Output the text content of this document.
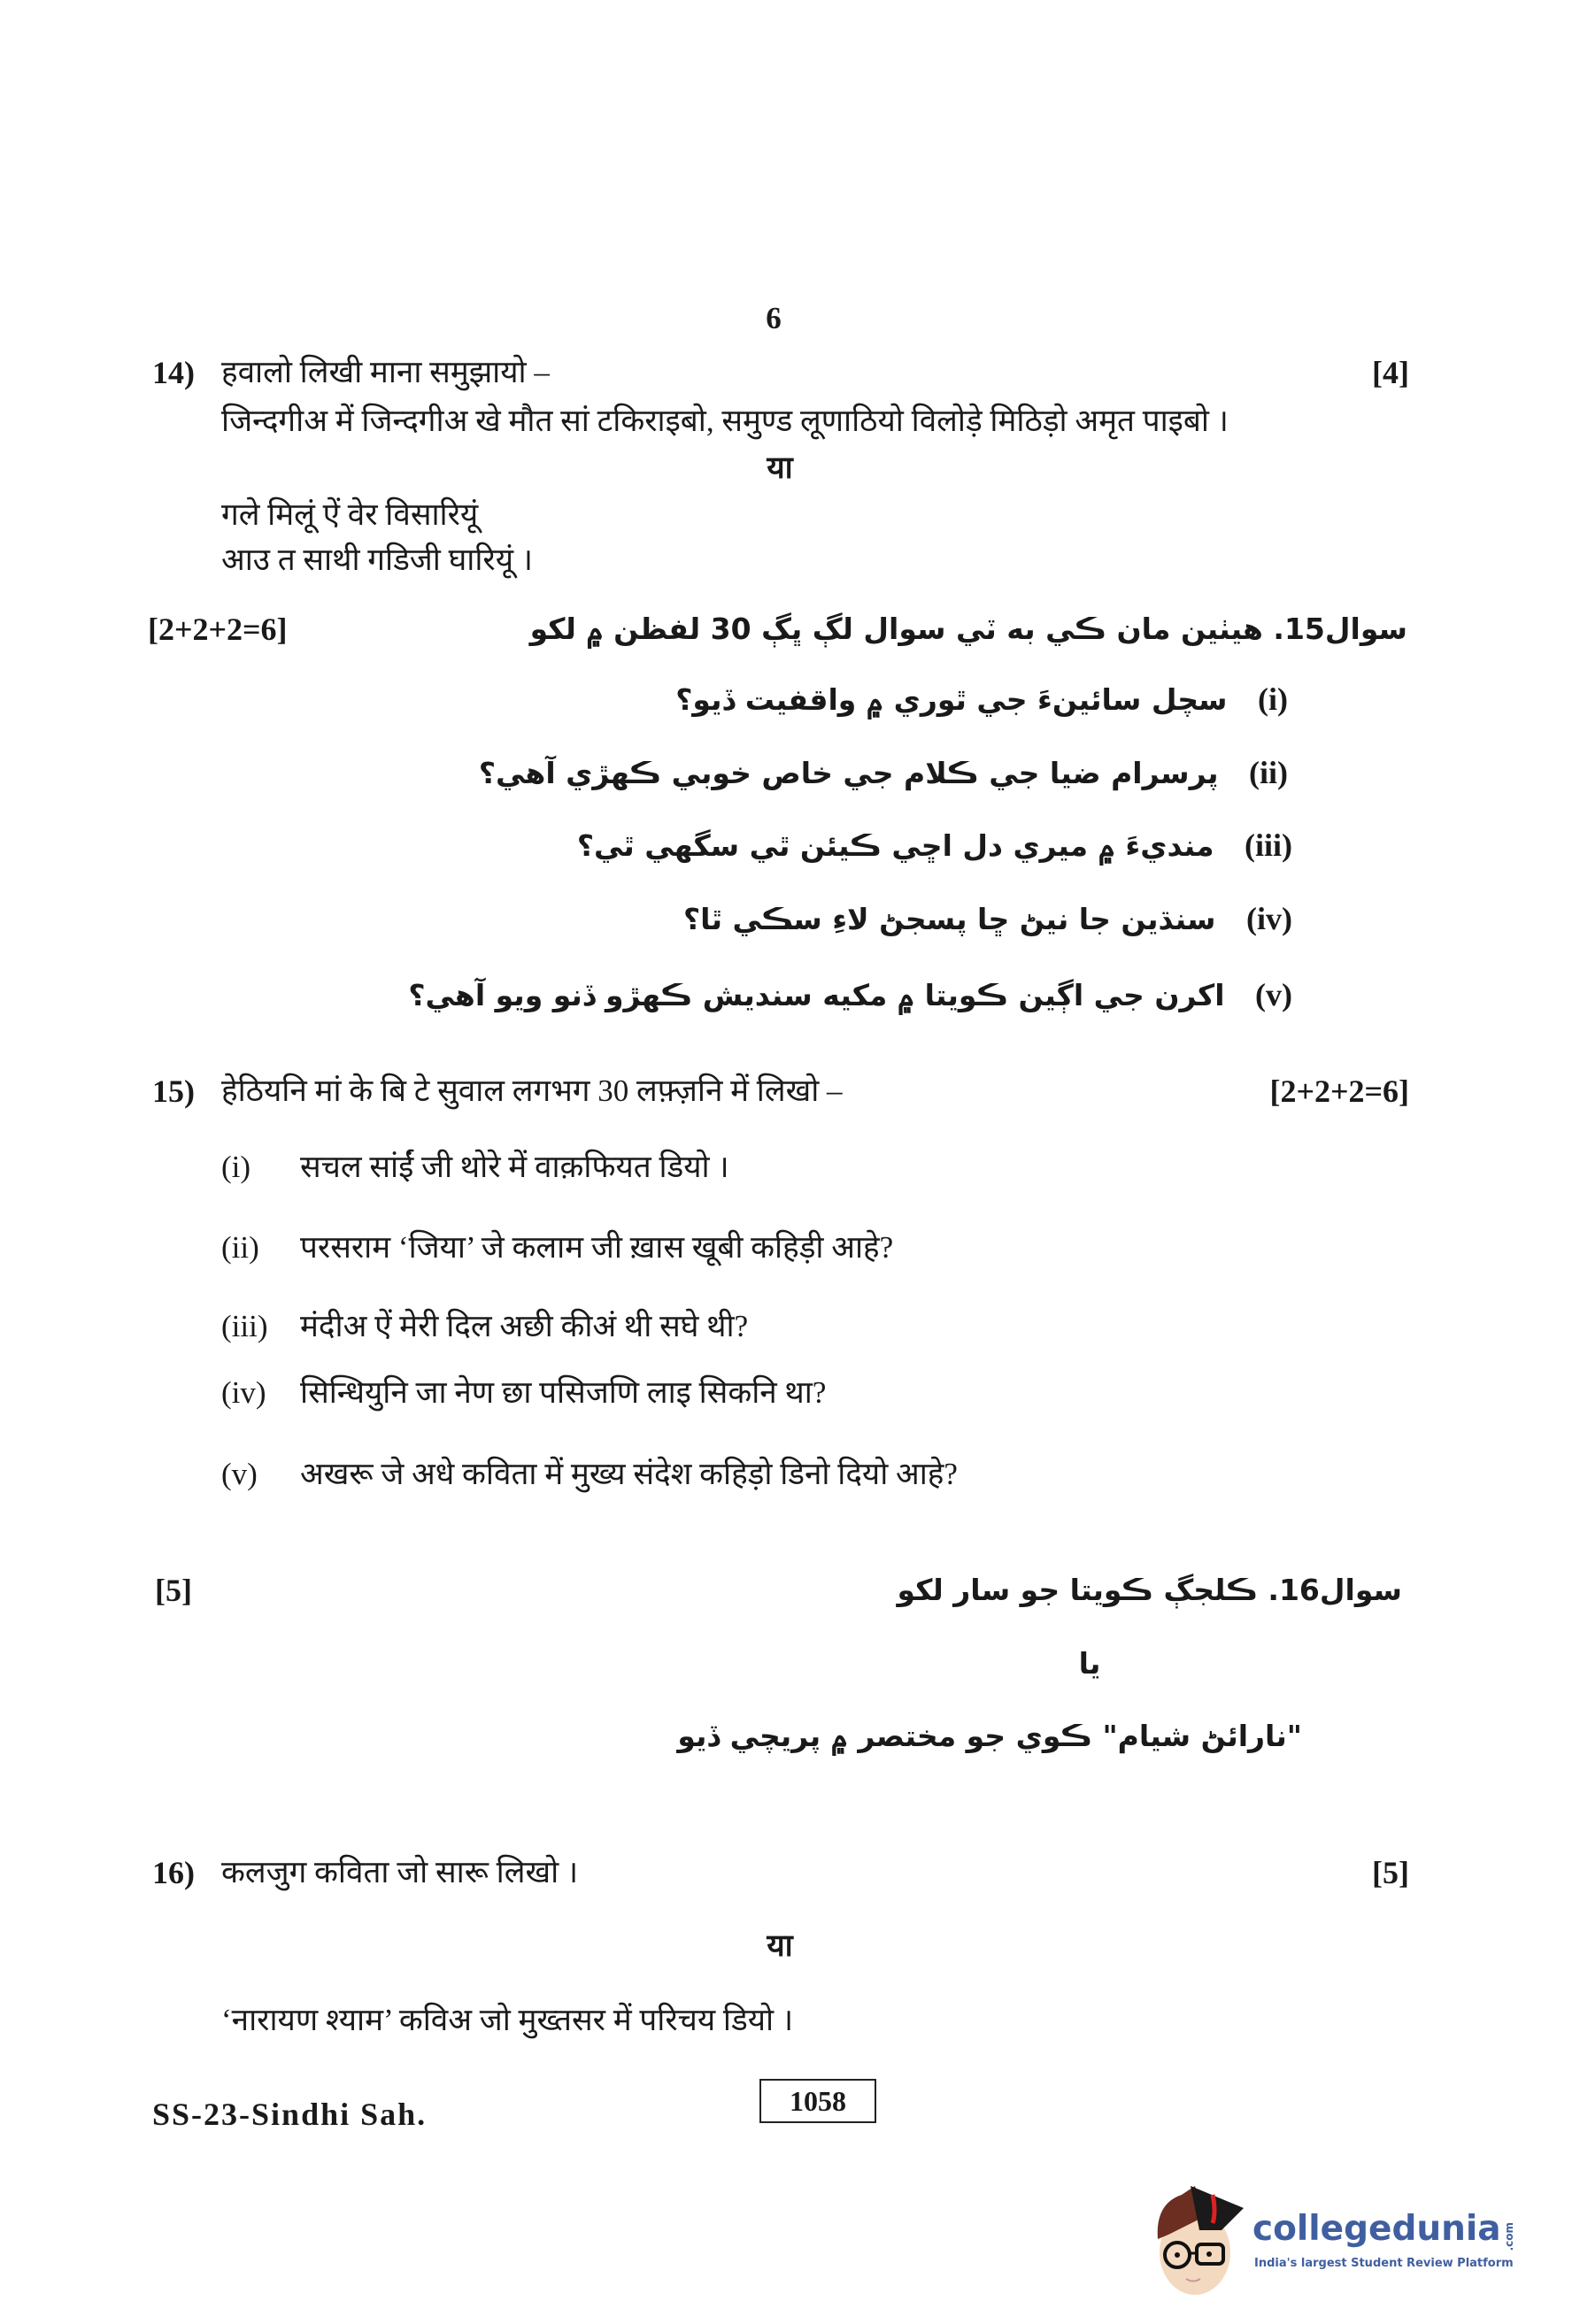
6
14) हवालो लिखी माना समुझायो –	[4]
जिन्दगीअ में जिन्दगीअ खे मौत सां टकिराइबो, समुण्ड लूणाठियो विलोड़े मिठिड़ो अमृत पाइबो ।
या
गले मिलूं ऐं वेर विसारियूं
आउ त साथी गडिजी घारियूं ।
[2+2+2=6]	سوال15. هيٺين مان ڪي به ٽي سوال لڳ ڀڳ 30 لفظن ۾ لکو
(i)   سچل سائينءَ جي ٿوري ۾ واقفيت ڏيو؟
(ii)   پرسرام ضيا جي ڪلام جي خاص خوبي ڪهڙي آهي؟
(iii)   منديءَ ۾ ميري دل اڇي ڪيئن ٿي سگهي ٿي؟
(iv)   سنڌين جا نيڻ ڇا پسجڻ لاءِ سڪي ٿا؟
(v)   اکرن جي اڳين ڪويتا ۾ مکيه سنديش ڪهڙو ڏنو ويو آهي؟
15) हेठियनि मां के बि टे सुवाल लगभग 30 लफ़्ज़नि में लिखो –	[2+2+2=6]
(i) सचल सांईं जी थोरे में वाक़फियत डियो ।
(ii) परसराम ‘जिया’ जे कलाम जी ख़ास खूबी कहिड़ी आहे?
(iii) मंदीअ ऐं मेरी दिल अछी कीअं थी सघे थी?
(iv) सिन्धियुनि जा नेण छा पसिजणि लाइ सिकनि था?
(v) अखरू जे अधे कविता में मुख्य संदेश कहिड़ो डिनो दियो आहे?
[5]	سوال16. ڪلجڳ ڪويتا جو سار لکو
يا
"نارائڻ شيام" ڪوي جو مختصر ۾ پريچي ڏيو
16) कलजुग कविता जो सारू लिखो ।	[5]
या
‘नारायण श्याम’ कविअ जो मुख्तसर में परिचय डियो ।
SS-23-Sindhi Sah.	1058
collegedunia .com
India's largest Student Review Platform
